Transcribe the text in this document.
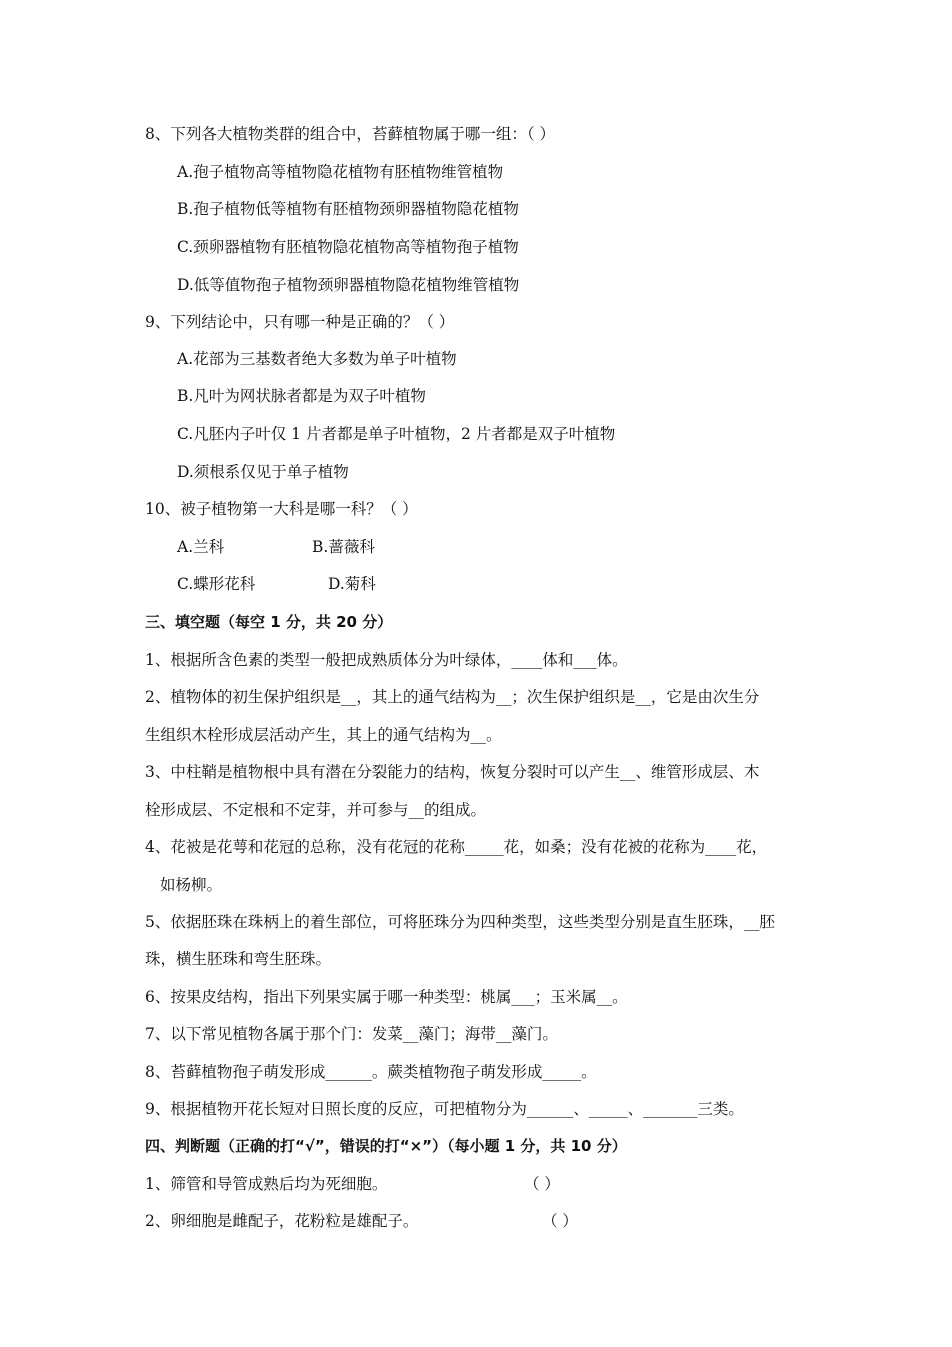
8、下列各大植物类群的组合中，苔藓植物属于哪一组：（ ）
A.孢子植物高等植物隐花植物有胚植物维管植物
B.孢子植物低等植物有胚植物颈卵器植物隐花植物
C.颈卵器植物有胚植物隐花植物高等植物孢子植物
D.低等值物孢子植物颈卵器植物隐花植物维管植物
9、下列结论中，只有哪一种是正确的？（ ）
A.花部为三基数者绝大多数为单子叶植物
B.凡叶为网状脉者都是为双子叶植物
C.凡胚内子叶仅 1 片者都是单子叶植物，2 片者都是双子叶植物
D.须根系仅见于单子植物
10、被子植物第一大科是哪一科？（ ）
A.兰科	B.蔷薇科
C.蝶形花科	D.菊科
三、填空题（每空 1 分，共 20 分）
1、根据所含色素的类型一般把成熟质体分为叶绿体，____体和___体。
2、植物体的初生保护组织是__，其上的通气结构为__；次生保护组织是__，它是由次生分
生组织木栓形成层活动产生，其上的通气结构为__。
3、中柱鞘是植物根中具有潜在分裂能力的结构，恢复分裂时可以产生__、维管形成层、木
栓形成层、不定根和不定芽，并可参与__的组成。
4、花被是花萼和花冠的总称，没有花冠的花称_____花，如桑；没有花被的花称为____花，
如杨柳。
5、依据胚珠在珠柄上的着生部位，可将胚珠分为四种类型，这些类型分别是直生胚珠，__胚
珠，横生胚珠和弯生胚珠。
6、按果皮结构，指出下列果实属于哪一种类型：桃属___；玉米属__。
7、以下常见植物各属于那个门：发菜__藻门；海带__藻门。
8、苔藓植物孢子萌发形成______。蕨类植物孢子萌发形成_____。
9、根据植物开花长短对日照长度的反应，可把植物分为______、_____、_______三类。
四、判断题（正确的打“√”，错误的打“×”）（每小题 1 分，共 10 分）
1、筛管和导管成熟后均为死细胞。	（ ）
2、卵细胞是雌配子，花粉粒是雄配子。	（ ）
